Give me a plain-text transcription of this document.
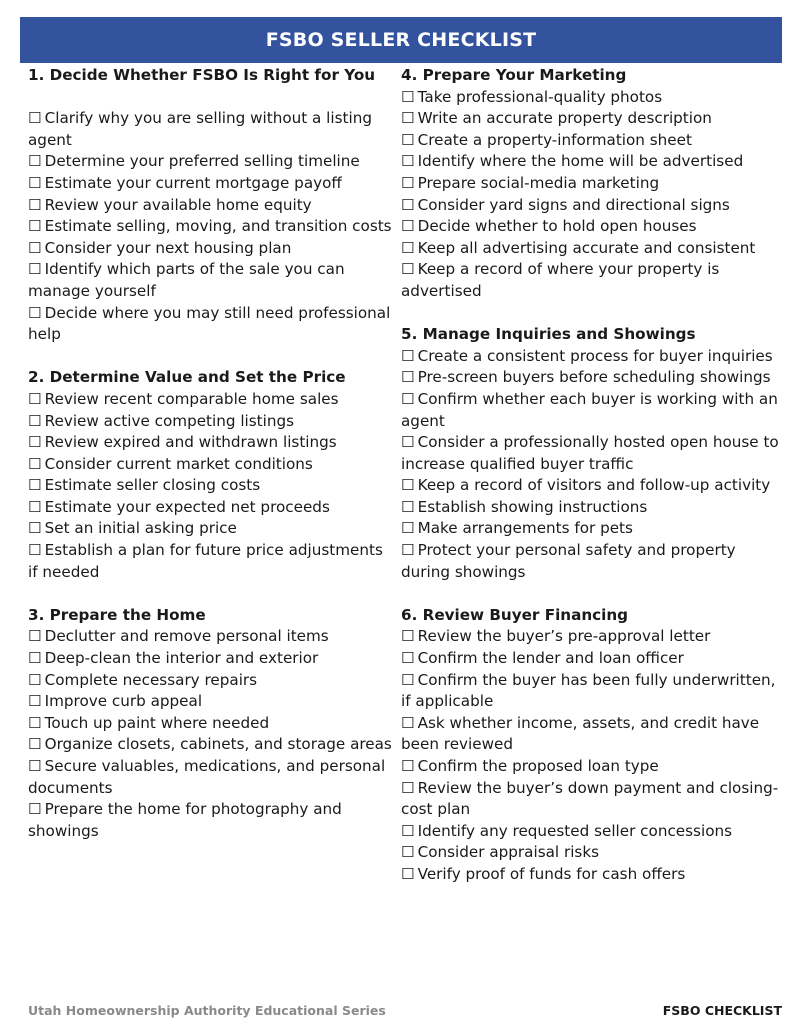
FSBO SELLER CHECKLIST
1. Decide Whether FSBO Is Right for You
☐ Clarify why you are selling without a listing agent
☐ Determine your preferred selling timeline
☐ Estimate your current mortgage payoff
☐ Review your available home equity
☐ Estimate selling, moving, and transition costs
☐ Consider your next housing plan
☐ Identify which parts of the sale you can manage yourself
☐ Decide where you may still need professional help
2. Determine Value and Set the Price
☐ Review recent comparable home sales
☐ Review active competing listings
☐ Review expired and withdrawn listings
☐ Consider current market conditions
☐ Estimate seller closing costs
☐ Estimate your expected net proceeds
☐ Set an initial asking price
☐ Establish a plan for future price adjustments if needed
3. Prepare the Home
☐ Declutter and remove personal items
☐ Deep-clean the interior and exterior
☐ Complete necessary repairs
☐ Improve curb appeal
☐ Touch up paint where needed
☐ Organize closets, cabinets, and storage areas
☐ Secure valuables, medications, and personal documents
☐ Prepare the home for photography and showings
4. Prepare Your Marketing
☐ Take professional-quality photos
☐ Write an accurate property description
☐ Create a property-information sheet
☐ Identify where the home will be advertised
☐ Prepare social-media marketing
☐ Consider yard signs and directional signs
☐ Decide whether to hold open houses
☐ Keep all advertising accurate and consistent
☐ Keep a record of where your property is advertised
5. Manage Inquiries and Showings
☐ Create a consistent process for buyer inquiries
☐ Pre-screen buyers before scheduling showings
☐ Confirm whether each buyer is working with an agent
☐ Consider a professionally hosted open house to increase qualified buyer traffic
☐ Keep a record of visitors and follow-up activity
☐ Establish showing instructions
☐ Make arrangements for pets
☐ Protect your personal safety and property during showings
6. Review Buyer Financing
☐ Review the buyer’s pre-approval letter
☐ Confirm the lender and loan officer
☐ Confirm the buyer has been fully underwritten, if applicable
☐ Ask whether income, assets, and credit have been reviewed
☐ Confirm the proposed loan type
☐ Review the buyer’s down payment and closing-cost plan
☐ Identify any requested seller concessions
☐ Consider appraisal risks
☐ Verify proof of funds for cash offers
Utah Homeownership Authority Educational Series	FSBO CHECKLIST
